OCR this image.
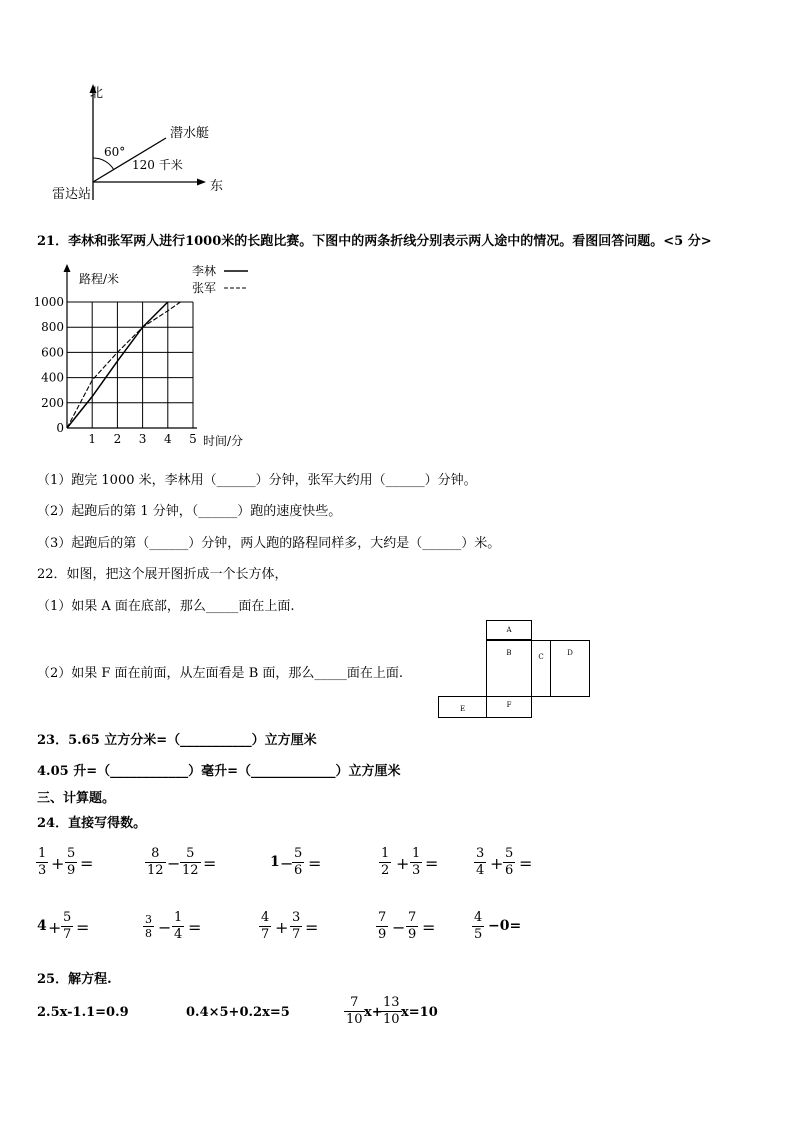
北
东
雷达站
潜水艇
60°
120 千米
21．李林和张军两人进行1000米的长跑比赛。下图中的两条折线分别表示两人途中的情况。看图回答问题。<5 分>
1 2 3 4 5
0
200
400
600
800
1000
路程/米
时间/分
李林
张军
（1）跑完 1000 米，李林用（______）分钟，张军大约用（______）分钟。
（2）起跑后的第 1 分钟，（______）跑的速度快些。
（3）起跑后的第（______）分钟，两人跑的路程同样多，大约是（______）米。
22．如图，把这个展开图折成一个长方体，
（1）如果 A 面在底部，那么_____面在上面.
（2）如果 F 面在前面，从左面看是 B 面，那么_____面在上面.
A
B	C	D
E	F
23．5.65 立方分米=（___________）立方厘米
4.05 升=（____________）毫升=（_____________）立方厘米
三、计算题。
24．直接写得数。
1
3 +
5
9 =
8
12 −
5
12 =	1 −
5
6 =
1
2 +
1
3 =
3
4 +
5
6 =
4 +
5
7 =	3
8 −
1
4 =
4
7 +
3
7 =
7
9 −
7
9 =
4
5
−0=
25．解方程.
2.5x-1.1=0.9	0.4×5+0.2x=5
7
10 x+
13
10 x=10
